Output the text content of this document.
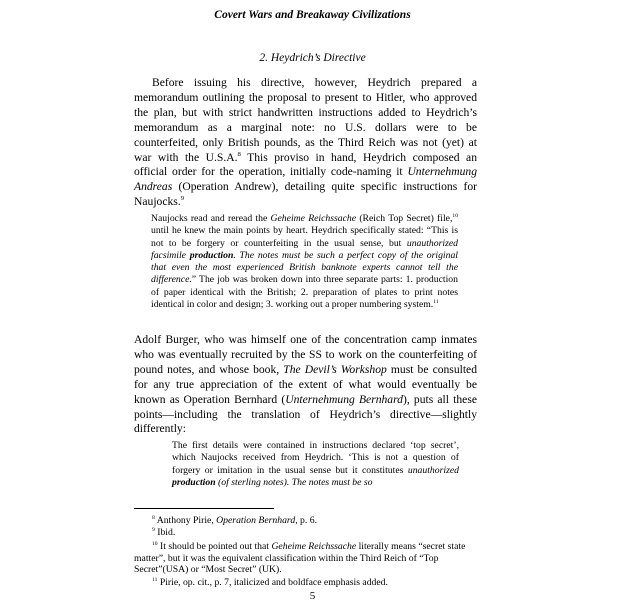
Covert Wars and Breakaway Civilizations
2. Heydrich’s Directive

Before issuing his directive, however, Heydrich prepared a memorandum outlining the proposal to present to Hitler, who approved the plan, but with strict handwritten instructions added to Heydrich’s memorandum as a marginal note: no U.S. dollars were to be counterfeited, only British pounds, as the Third Reich was not (yet) at war with the U.S.A.$^8$ This proviso in hand, Heydrich composed an official order for the operation, initially code-naming it Unternehmung Andreas (Operation Andrew), detailing quite specific instructions for Naujocks.$^9$

Naujocks read and reread the Geheime Reichssache (Reich Top Secret) file,$^{10}$ until he knew the main points by heart. Heydrich specifically stated: “This is not to be forgery or counterfeiting in the usual sense, but unauthorized facsimile production. The notes must be such a perfect copy of the original that even the most experienced British banknote experts cannot tell the difference.” The job was broken down into three separate parts: 1. production of paper identical with the British; 2. preparation of plates to print notes identical in color and design; 3. working out a proper numbering system.$^{11}$

Adolf Burger, who was himself one of the concentration camp inmates who was eventually recruited by the SS to work on the counterfeiting of pound notes, and whose book, The Devil’s Workshop must be consulted for any true appreciation of the extent of what would eventually be known as Operation Bernhard (Unternehmung Bernhard), puts all these points—including the translation of Heydrich’s directive—slightly differently:

The first details were contained in instructions declared ‘top secret’, which Naujocks received from Heydrich. ‘This is not a question of forgery or imitation in the usual sense but it constitutes unauthorized production (of sterling notes). The notes must be so

$^8$ Anthony Pirie, Operation Bernhard, p. 6.

$^9$ Ibid.

$^{10}$ It should be pointed out that Geheime Reichssache literally means “secret state matter”, but it was the equivalent classification within the Third Reich of “Top Secret”(USA) or “Most Secret” (UK).

$^{11}$ Pirie, op. cit., p. 7, italicized and boldface emphasis added.

5
